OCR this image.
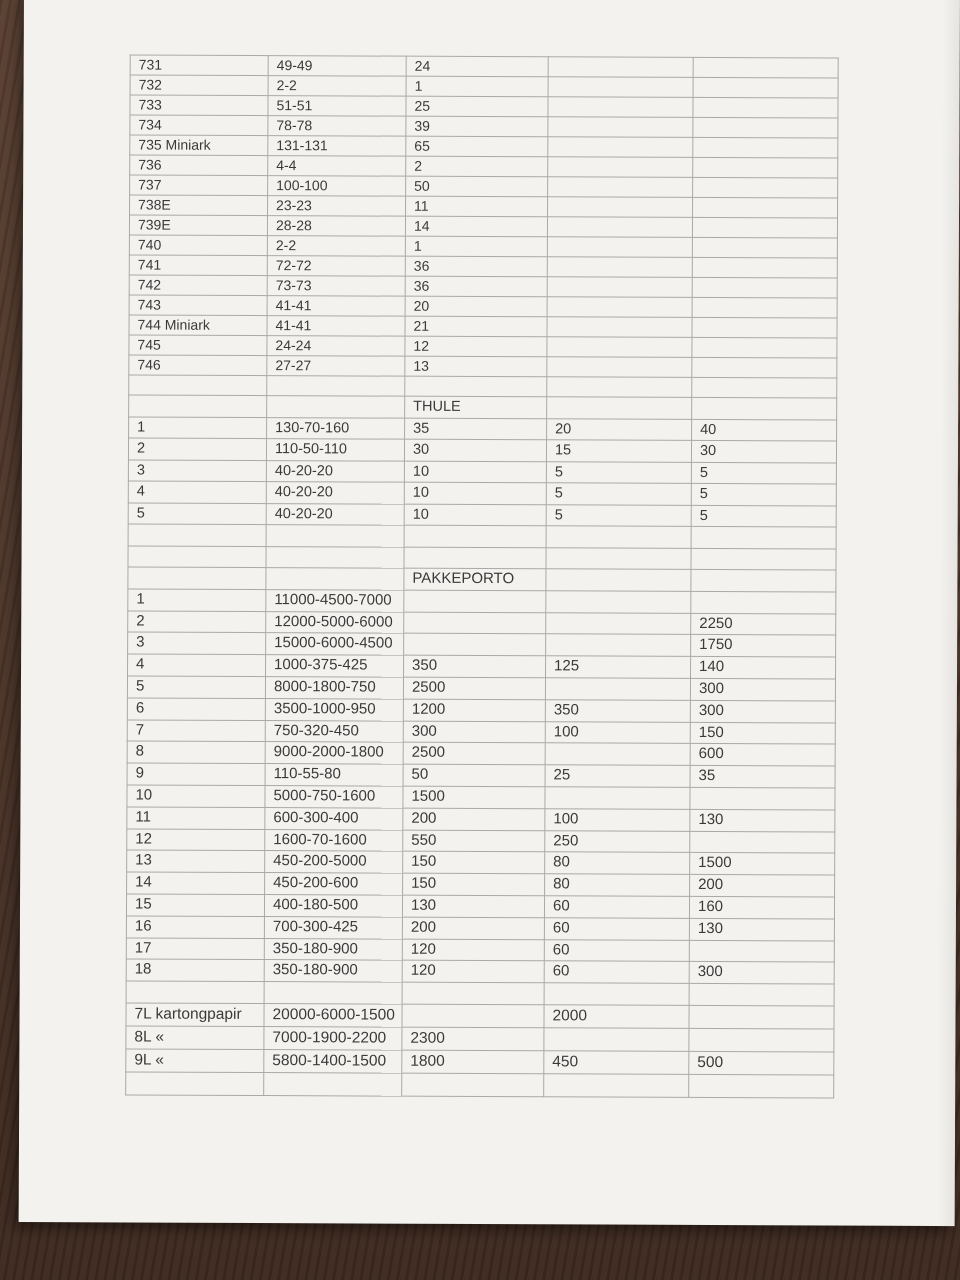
731	49-49	24		
732	2-2	1		
733	51-51	25		
734	78-78	39		
735 Miniark	131-131	65		
736	4-4	2		
737	100-100	50		
738E	23-23	11		
739E	28-28	14		
740	2-2	1		
741	72-72	36		
742	73-73	36		
743	41-41	20		
744 Miniark	41-41	21		
745	24-24	12		
746	27-27	13		

		THULE		
1	130-70-160	35	20	40
2	110-50-110	30	15	30
3	40-20-20	10	5	5
4	40-20-20	10	5	5
5	40-20-20	10	5	5

		PAKKEPORTO		
1	11000-4500-7000			
2	12000-5000-6000			2250
3	15000-6000-4500			1750
4	1000-375-425	350	125	140
5	8000-1800-750	2500		300
6	3500-1000-950	1200	350	300
7	750-320-450	300	100	150
8	9000-2000-1800	2500		600
9	110-55-80	50	25	35
10	5000-750-1600	1500		
11	600-300-400	200	100	130
12	1600-70-1600	550	250	
13	450-200-5000	150	80	1500
14	450-200-600	150	80	200
15	400-180-500	130	60	160
16	700-300-425	200	60	130
17	350-180-900	120	60	
18	350-180-900	120	60	300

7L kartongpapir	20000-6000-1500		2000	
8L «	7000-1900-2200	2300		
9L «	5800-1400-1500	1800	450	500
